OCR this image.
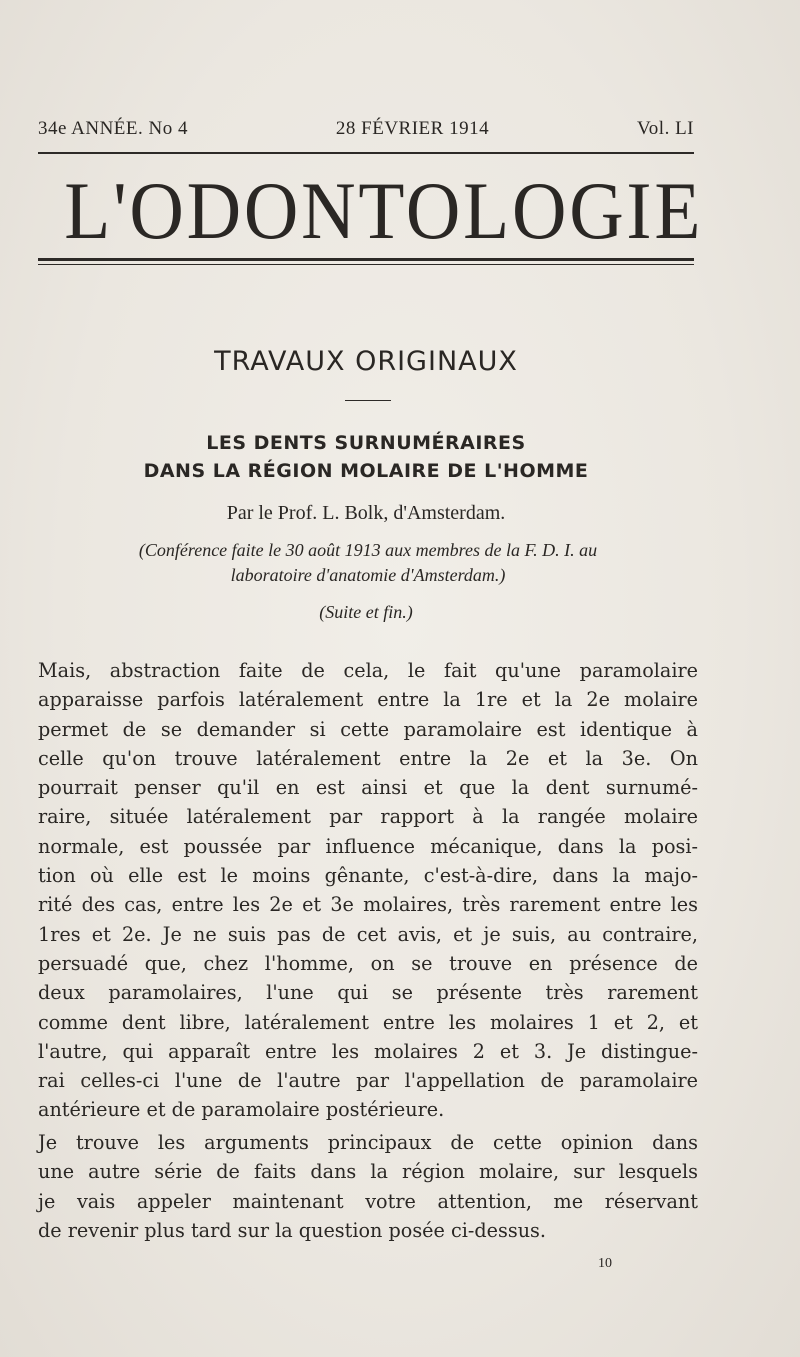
34e ANNÉE. No 4	28 FÉVRIER 1914	Vol. LI
L'ODONTOLOGIE
TRAVAUX ORIGINAUX
LES DENTS SURNUMÉRAIRES
DANS LA RÉGION MOLAIRE DE L'HOMME
Par le Prof. L. Bolk, d'Amsterdam.
(Conférence faite le 30 août 1913 aux membres de la F. D. I. au
laboratoire d'anatomie d'Amsterdam.)
(Suite et fin.)
Mais, abstraction faite de cela, le fait qu'une paramolaire
apparaisse parfois latéralement entre la 1re et la 2e molaire
permet de se demander si cette paramolaire est identique à
celle qu'on trouve latéralement entre la 2e et la 3e. On
pourrait penser qu'il en est ainsi et que la dent surnumé-
raire, située latéralement par rapport à la rangée molaire
normale, est poussée par influence mécanique, dans la posi-
tion où elle est le moins gênante, c'est-à-dire, dans la majo-
rité des cas, entre les 2e et 3e molaires, très rarement entre les
1res et 2e. Je ne suis pas de cet avis, et je suis, au contraire,
persuadé que, chez l'homme, on se trouve en présence de
deux paramolaires, l'une qui se présente très rarement
comme dent libre, latéralement entre les molaires 1 et 2, et
l'autre, qui apparaît entre les molaires 2 et 3. Je distingue-
rai celles-ci l'une de l'autre par l'appellation de paramolaire
antérieure et de paramolaire postérieure.
Je trouve les arguments principaux de cette opinion dans
une autre série de faits dans la région molaire, sur lesquels
je vais appeler maintenant votre attention, me réservant
de revenir plus tard sur la question posée ci-dessus.
10
